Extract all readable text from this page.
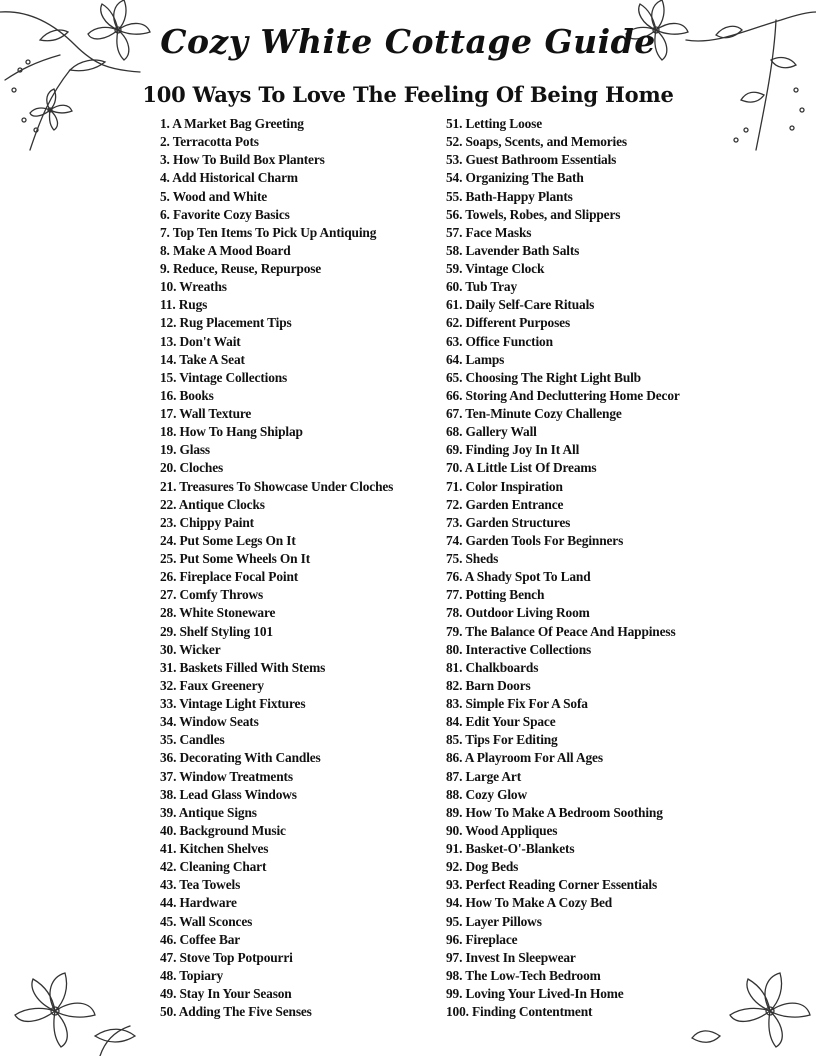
Cozy White Cottage Guide
100 Ways To Love The Feeling Of Being Home
1. A Market Bag Greeting
2. Terracotta Pots
3. How To Build Box Planters
4. Add Historical Charm
5. Wood and White
6. Favorite Cozy Basics
7. Top Ten Items To Pick Up Antiquing
8. Make A Mood Board
9. Reduce, Reuse, Repurpose
10. Wreaths
11. Rugs
12. Rug Placement Tips
13. Don't Wait
14. Take A Seat
15. Vintage Collections
16. Books
17. Wall Texture
18. How To Hang Shiplap
19. Glass
20. Cloches
21. Treasures To Showcase Under Cloches
22. Antique Clocks
23. Chippy Paint
24. Put Some Legs On It
25. Put Some Wheels On It
26. Fireplace Focal Point
27. Comfy Throws
28. White Stoneware
29. Shelf Styling 101
30. Wicker
31. Baskets Filled With Stems
32. Faux Greenery
33. Vintage Light Fixtures
34. Window Seats
35. Candles
36. Decorating With Candles
37. Window Treatments
38. Lead Glass Windows
39. Antique Signs
40. Background Music
41. Kitchen Shelves
42. Cleaning Chart
43. Tea Towels
44. Hardware
45. Wall Sconces
46. Coffee Bar
47. Stove Top Potpourri
48. Topiary
49. Stay In Your Season
50. Adding The Five Senses
51. Letting Loose
52. Soaps, Scents, and Memories
53. Guest Bathroom Essentials
54. Organizing The Bath
55. Bath-Happy Plants
56. Towels, Robes, and Slippers
57. Face Masks
58. Lavender Bath Salts
59. Vintage Clock
60. Tub Tray
61. Daily Self-Care Rituals
62. Different Purposes
63. Office Function
64. Lamps
65. Choosing The Right Light Bulb
66. Storing And Decluttering Home Decor
67. Ten-Minute Cozy Challenge
68. Gallery Wall
69. Finding Joy In It All
70. A Little List Of Dreams
71. Color Inspiration
72. Garden Entrance
73. Garden Structures
74. Garden Tools For Beginners
75. Sheds
76. A Shady Spot To Land
77. Potting Bench
78. Outdoor Living Room
79. The Balance Of Peace And Happiness
80. Interactive Collections
81. Chalkboards
82. Barn Doors
83. Simple Fix For A Sofa
84. Edit Your Space
85. Tips For Editing
86. A Playroom For All Ages
87. Large Art
88. Cozy Glow
89. How To Make A Bedroom Soothing
90. Wood Appliques
91. Basket-O'-Blankets
92. Dog Beds
93. Perfect Reading Corner Essentials
94. How To Make A Cozy Bed
95. Layer Pillows
96. Fireplace
97. Invest In Sleepwear
98. The Low-Tech Bedroom
99. Loving Your Lived-In Home
100. Finding Contentment
